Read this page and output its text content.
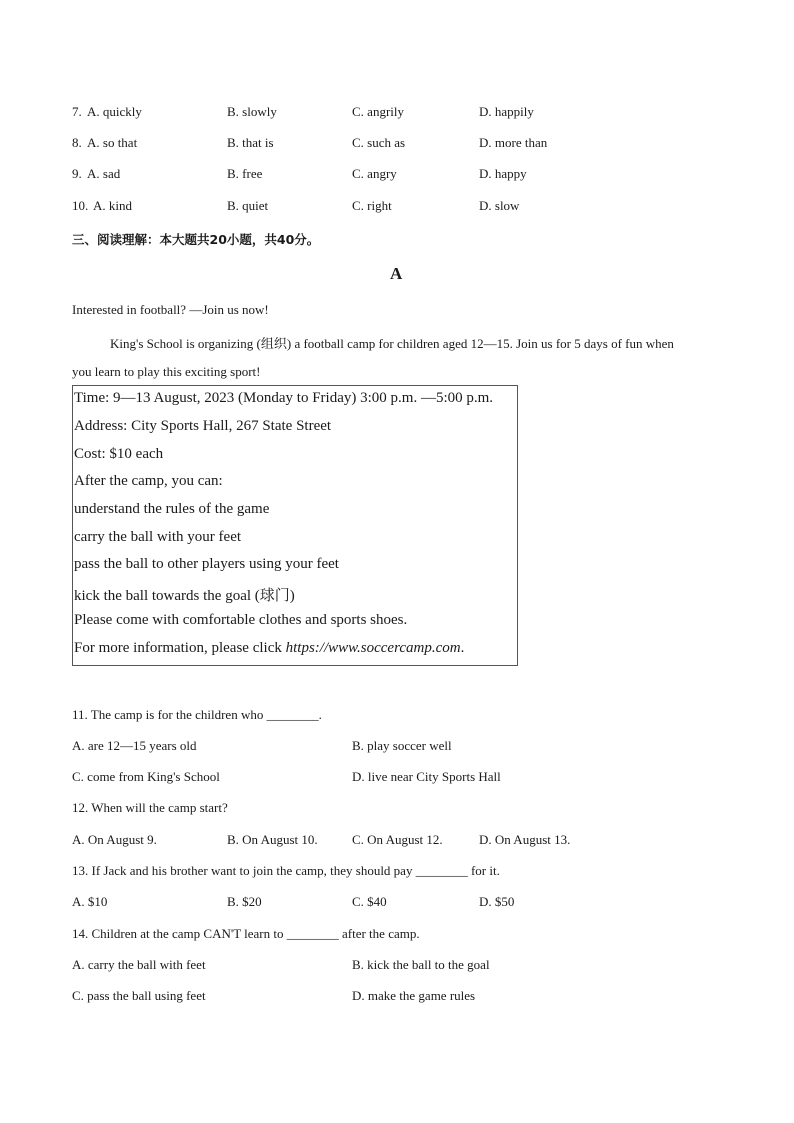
7. A. quickly	B. slowly	C. angrily	D. happily
8. A. so that	B. that is	C. such as	D. more than
9. A. sad	B. free	C. angry	D. happy
10. A. kind	B. quiet	C. right	D. slow
三、阅读理解：本大题共20小题，共40分。
A
Interested in football? —Join us now!
King's School is organizing (组织) a football camp for children aged 12—15. Join us for 5 days of fun when
you learn to play this exciting sport!
Time: 9—13 August, 2023 (Monday to Friday) 3:00 p.m. —5:00 p.m.
Address: City Sports Hall, 267 State Street
Cost: $10 each
After the camp, you can:
understand the rules of the game
carry the ball with your feet
pass the ball to other players using your feet
kick the ball towards the goal (球门)
Please come with comfortable clothes and sports shoes.
For more information, please click https://www.soccercamp.com.
11. The camp is for the children who ________.
A. are 12—15 years old	B. play soccer well
C. come from King's School	D. live near City Sports Hall
12. When will the camp start?
A. On August 9.	B. On August 10.	C. On August 12.	D. On August 13.
13. If Jack and his brother want to join the camp, they should pay ________ for it.
A. $10	B. $20	C. $40	D. $50
14. Children at the camp CAN'T learn to ________ after the camp.
A. carry the ball with feet	B. kick the ball to the goal
C. pass the ball using feet	D. make the game rules
